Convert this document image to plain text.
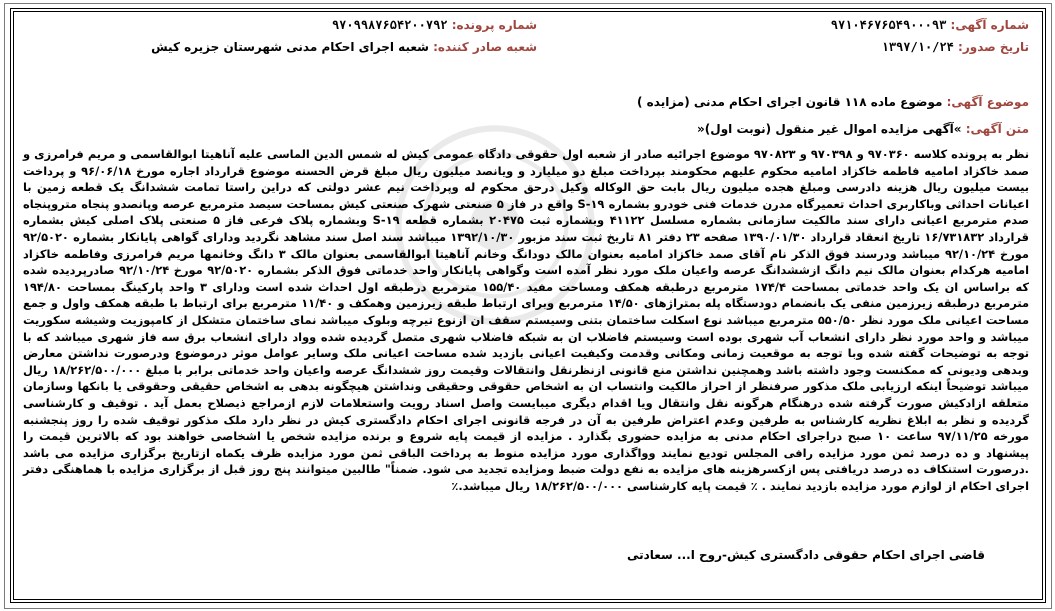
شماره آگهی: ۹۷۱۰۴۶۷۶۵۴۹۰۰۰۹۳
شماره پرونده: ۹۷۰۹۹۸۷۶۵۴۲۰۰۷۹۲
تاریخ صدور: ۱۳۹۷/۱۰/۲۴
شعبه صادر کننده: شعبه اجرای احکام مدنی شهرستان جزیره کیش
موضوع آگهی: موضوع ماده ۱۱۸ قانون اجرای احکام مدنی (مزایده )
متن آگهی: »آگهی مزایده اموال غیر منقول (نوبت اول)«
نظر به پرونده کلاسه ۹۷۰۳۶۰ و ۹۷۰۳۹۸ و ۹۷۰۸۲۳ موضوع اجرائیه صادر از شعبه اول حقوقی دادگاه عمومی کیش له شمس الدین الماسی علیه آناهیتا ابوالقاسمی و مریم فرامرزی و صمد خاکزاد امامیه فاطمه خاکزاد امامیه محکوم علیهم محکومند بپرداخت مبلغ دو میلیارد و ویانصد میلیون ریال مبلغ قرض الحسنه موضوع قرارداد اجاره مورخ ۹۶/۰۶/۱۸ و پرداخت بیست میلیون ریال هزینه دادرسی ومبلغ هجده میلیون ریال بابت حق الوکاله وکیل درحق محکوم له وپرداخت نیم عشر دولتی که دراین راستا تمامت ششدانگ یک قطعه زمین با اعیانات احداثی وباکاربری احداث تعمیرگاه مدرن خدمات فنی خودرو بشماره ۱۹-S واقع در فاز ۵ صنعتی شهرک صنعتی کیش بمساحت سیصد مترمربع عرصه وپانصدو پنجاه متروپنجاه صدم مترمربع اعیانی دارای سند مالکیت سازمانی بشماره مسلسل ۴۱۱۲۲ وبشماره ثبت ۲۰۴۷۵ بشماره قطعه ۱۹-S وبشماره پلاک فرعی فاز ۵ صنعتی پلاک اصلی کیش بشماره قرارداد ۱۶/۷۳۱۸۳۲ تاریخ انعقاد قرارداد ۱۳۹۰/۰۱/۳۰ صفحه ۲۳ دفتر ۸۱ تاریخ ثبت سند مزبور ۱۳۹۲/۱۰/۳۰ میباشد سند اصل سند مشاهد نگردید ودارای گواهی پایانکار بشماره ۹۲/۵۰۲۰ مورخ ۹۲/۱۰/۲۴ میباشد ودرسند فوق الذکر نام آقای صمد خاکزاد امامیه بعنوان مالک دودانگ وخانم آناهیتا ابوالقاسمی بعنوان مالک ۳ دانگ وخانمها مریم فرامرزی وفاطمه خاکزاد امامیه هرکدام بعنوان مالک نیم دانگ ازششدانگ عرصه واعیان ملک مورد نظر آمده است وگواهی پایانکار واحد خدماتی فوق الذکر بشماره ۹۲/۵۰۲۰ مورخ ۹۲/۱۰/۲۴ صادرپردیده شده که براساس ان یک واحد خدماتی بمساحت ۱۷۴/۴ مترمربع درطبقه همکف ومساحت مفید ۱۵۵/۴۰ مترمربع درطبقه اول احداث شده است ودارای ۳ واحد پارکینگ بمساحت ۱۹۴/۸۰ مترمربع درطبقه زیرزمین منفی یک بانضمام دودستگاه پله بمتراژهای ۱۴/۵۰ مترمربع وبرای ارتباط طبقه زیرزمین وهمکف و ۱۱/۴۰ مترمربع برای ارتباط با طبقه همکف واول و جمع مساحت اعیانی ملک مورد نظر ۵۵۰/۵۰ مترمربع میباشد نوع اسکلت ساختمان بتنی وسیستم سقف ان ازنوع تیرچه وبلوک میباشد نمای ساختمان متشکل از کامپوزیت وشیشه سکوریت میباشد و واحد مورد نظر دارای انشعاب آب شهری بوده است وسیستم فاضلاب ان به شبکه فاضلاب شهری متصل گردیده شده وواد دارای انشعاب برق سه فاز شهری میباشد که با توجه به توضیحات گفته شده وبا توجه به موقعیت زمانی ومکانی وقدمت وکیفیت اعیانی بازدید شده مساحت اعیانی ملک وسایر عوامل موثر درموضوع ودرصورت نداشتن معارض وبدهی ودیونی که ممکنست وجود داشته باشد وهمچنین نداشتن منع قانونی ازنظرنقل وانتقالات وقیمت روز ششدانگ عرصه واعیان واحد خدماتی برابر با مبلغ ۱۸/۲۶۲/۵۰۰/۰۰۰ ریال میباشد توضیحاً اینکه ارزیابی ملک مذکور صرفنظر از احراز مالکیت وانتساب ان به اشخاص حقوقی وحقیقی ونداشتن هیچگونه بدهی به اشخاص حقیقی وحقوقی یا بانکها وسازمان متعلقه ازادکیش صورت گرفته شده درهنگام هرگونه نقل وانتقال ویا اقدام دیگری میبایست واصل اسناد رویت واستعلامات لازم ازمراجع ذیصلاح بعمل آید . توقیف و کارشناسی گردیده و نظر به ابلاغ نظریه کارشناس به طرفین وعدم اعتراض طرفین به آن در فرجه قانونی اجرای احکام دادگستری کیش در نظر دارد ملک مذکور توقیف شده را روز پنجشنبه مورخه ۹۷/۱۱/۲۵ ساعت ۱۰ صبح دراجرای احکام مدنی به مزایده حضوری بگذارد . مزایده از قیمت پایه شروع و برنده مزایده شخص یا اشخاصی خواهند بود که بالاترین قیمت را پیشنهاد و ده درصد ثمن مورد مزایده رافی المجلس تودیع نمایند وواگذاری مورد مزایده منوط به پرداخت الباقی ثمن مورد مزایده ظرف یکماه ازتاریخ برگزاری مزایده می باشد .درصورت استنکاف ده درصد دریافتی پس ازکسرهزینه های مزایده به نفع دولت ضبط ومزایده تجدید می شود. ضمناً" طالبین میتوانند پنج روز قبل از برگزاری مزایده با هماهنگی دفتر اجرای احکام از لوازم مورد مزایده بازدید نمایند . ٪ قیمت پایه کارشناسی ۱۸/۲۶۲/۵۰۰/۰۰۰ ریال میباشد.٪
قاضی اجرای احکام حقوقی دادگستری کیش-روح ا... سعادتی
